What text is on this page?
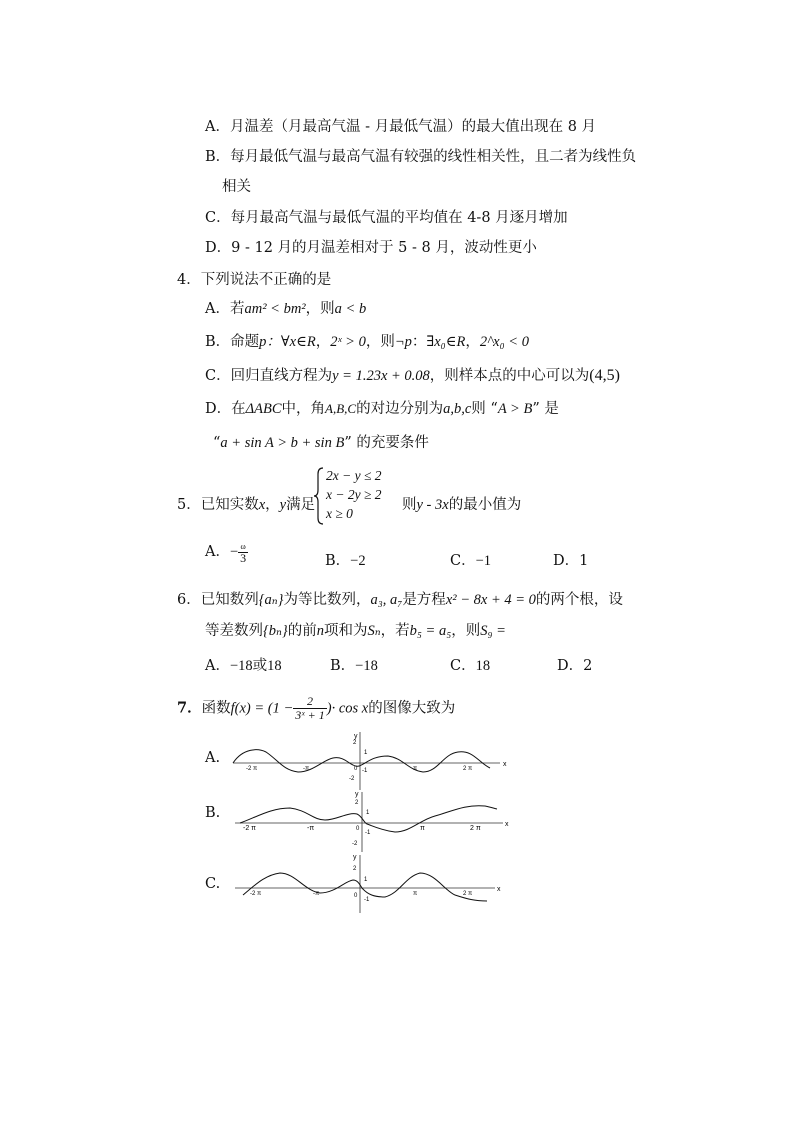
A．月温差（月最高气温 - 月最低气温）的最大值出现在 8 月
B．每月最低气温与最高气温有较强的线性相关性，且二者为线性负
相关
C．每月最高气温与最低气温的平均值在 4-8 月逐月增加
D．9 - 12 月的月温差相对于 5 - 8 月，波动性更小
4．下列说法不正确的是
A．若am² < bm²，则a < b
B．命题p：∀x∈R，2ˣ > 0，则¬p：∃x₀∈R，2^x₀ < 0
C．回归直线方程为y = 1.23x + 0.08，则样本点的中心可以为(4,5)
D．在ΔABC中，角A,B,C的对边分别为a,b,c则 “A > B” 是
“a + sin A > b + sin B” 的充要条件
5．已知实数x，y满足
2x − y ≤ 2
x − 2y ≥ 2
x ≥ 0
则y - 3x的最小值为
A．− $\frac{\omega}{3}$	B．−2	C．−1	D．1
6．已知数列{aₙ}为等比数列，a₃, a₇是方程x² − 8x + 4 = 0的两个根，设
等差数列{bₙ}的前n项和为Sₙ，若b₅ = a₅，则S₉ =
A．−18或18	B．−18	C．18	D．2
7．函数$f(x) = (1 - \frac{2}{\text{3ˣ + 1}}$ )· cos x的图像大致为
A.
B.
C.
x
y
2
1
-1
-2
0
-2 π	-π	π	2 π
x
y
2
1
-1
-2
0
-2 π	-π	π	2 π
x
y
2
1
-1
0
-2 π	-π	π	2 π
